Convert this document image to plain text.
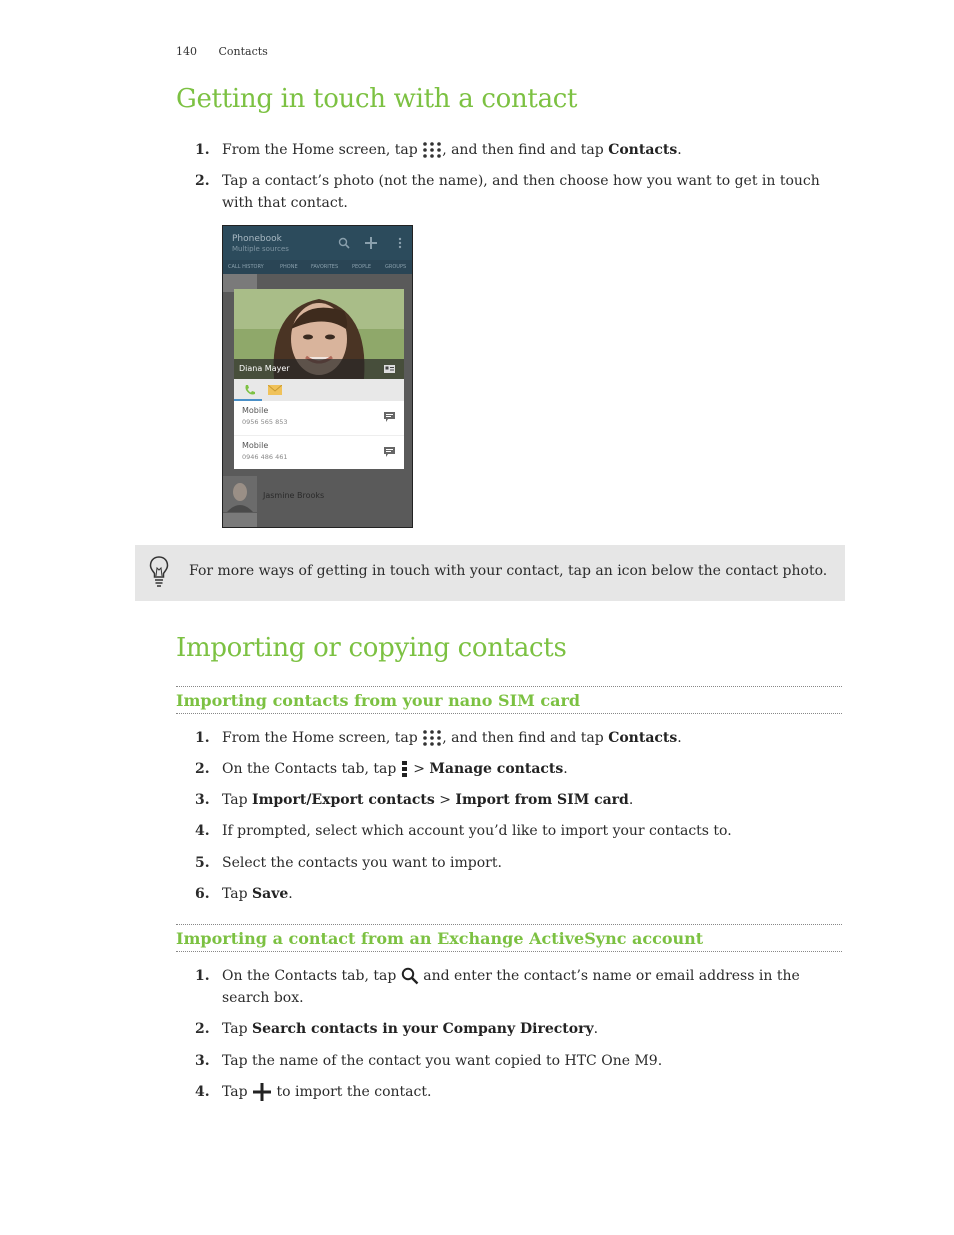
140 Contacts
Getting in touch with a contact
1. From the Home screen, tap , and then find and tap Contacts.
2. Tap a contact’s photo (not the name), and then choose how you want to get in touch with that contact.
Phonebook
Multiple sources
CALL HISTORY	PHONE	FAVORITES	PEOPLE	GROUPS
Jasmine Brooks
Diana Mayer
Mobile
0956 565 853
Mobile
0946 486 461
For more ways of getting in touch with your contact, tap an icon below the contact photo.
Importing or copying contacts
Importing contacts from your nano SIM card
1. From the Home screen, tap , and then find and tap Contacts.
2. On the Contacts tab, tap > Manage contacts.
3. Tap Import/Export contacts > Import from SIM card.
4. If prompted, select which account you’d like to import your contacts to.
5. Select the contacts you want to import.
6. Tap Save.
Importing a contact from an Exchange ActiveSync account
1. On the Contacts tab, tap and enter the contact’s name or email address in the search box.
2. Tap Search contacts in your Company Directory.
3. Tap the name of the contact you want copied to HTC One M9.
4. Tap to import the contact.
